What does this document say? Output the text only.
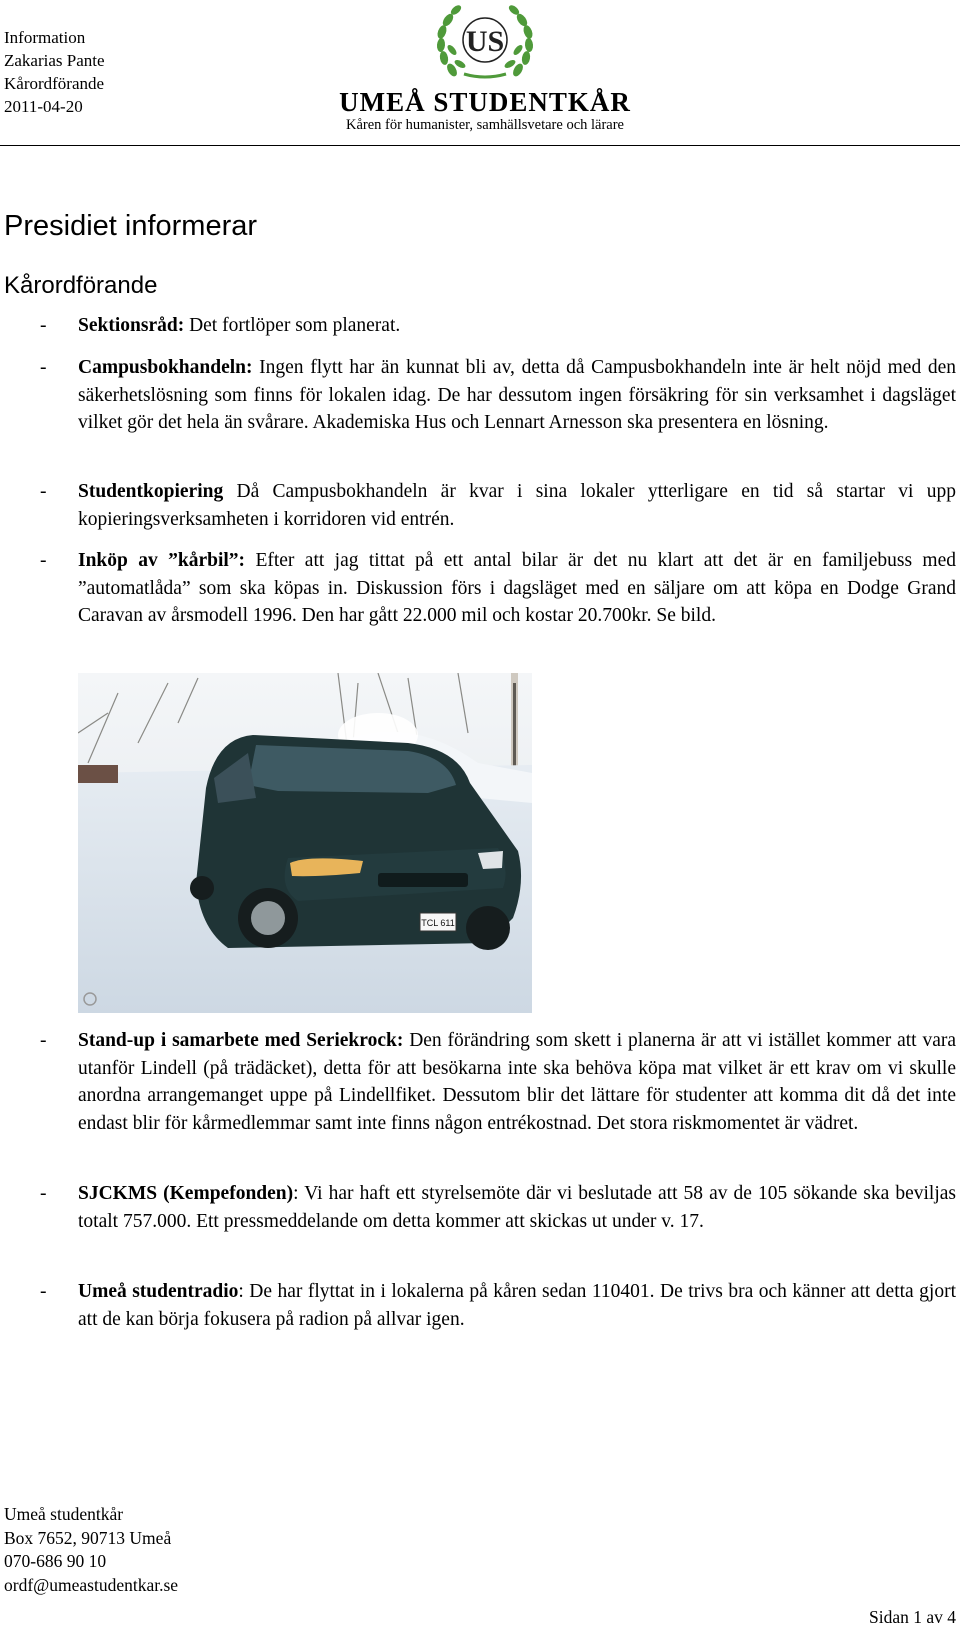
Information
Zakarias Pante
Kårordförande
2011-04-20
US
UMEÅ STUDENTKÅR
Kåren för humanister, samhällsvetare och lärare
Presidiet informerar
Kårordförande
- Sektionsråd: Det fortlöper som planerat.
- Campusbokhandeln: Ingen flytt har än kunnat bli av, detta då Campusbokhandeln inte är helt nöjd med den säkerhetslösning som finns för lokalen idag. De har dessutom ingen försäkring för sin verksamhet i dagsläget vilket gör det hela än svårare. Akademiska Hus och Lennart Arnesson ska presentera en lösning.
- Studentkopiering Då Campusbokhandeln är kvar i sina lokaler ytterligare en tid så startar vi upp kopieringsverksamheten i korridoren vid entrén.
- Inköp av ”kårbil”: Efter att jag tittat på ett antal bilar är det nu klart att det är en familjebuss med ”automatlåda” som ska köpas in. Diskussion förs i dagsläget med en säljare om att köpa en Dodge Grand Caravan av årsmodell 1996. Den har gått 22.000 mil och kostar 20.700kr. Se bild.
TCL 611
- Stand-up i samarbete med Seriekrock: Den förändring som skett i planerna är att vi istället kommer att vara utanför Lindell (på trädäcket), detta för att besökarna inte ska behöva köpa mat vilket är ett krav om vi skulle anordna arrangemanget uppe på Lindellfiket. Dessutom blir det lättare för studenter att komma dit då det inte endast blir för kårmedlemmar samt inte finns någon entrékostnad. Det stora riskmomentet är vädret.
- SJCKMS (Kempefonden): Vi har haft ett styrelsemöte där vi beslutade att 58 av de 105 sökande ska beviljas totalt 757.000. Ett pressmeddelande om detta kommer att skickas ut under v. 17.
- Umeå studentradio: De har flyttat in i lokalerna på kåren sedan 110401. De trivs bra och känner att detta gjort att de kan börja fokusera på radion på allvar igen.
Umeå studentkår
Box 7652, 90713 Umeå
070-686 90 10
ordf@umeastudentkar.se
Sidan 1 av 4
